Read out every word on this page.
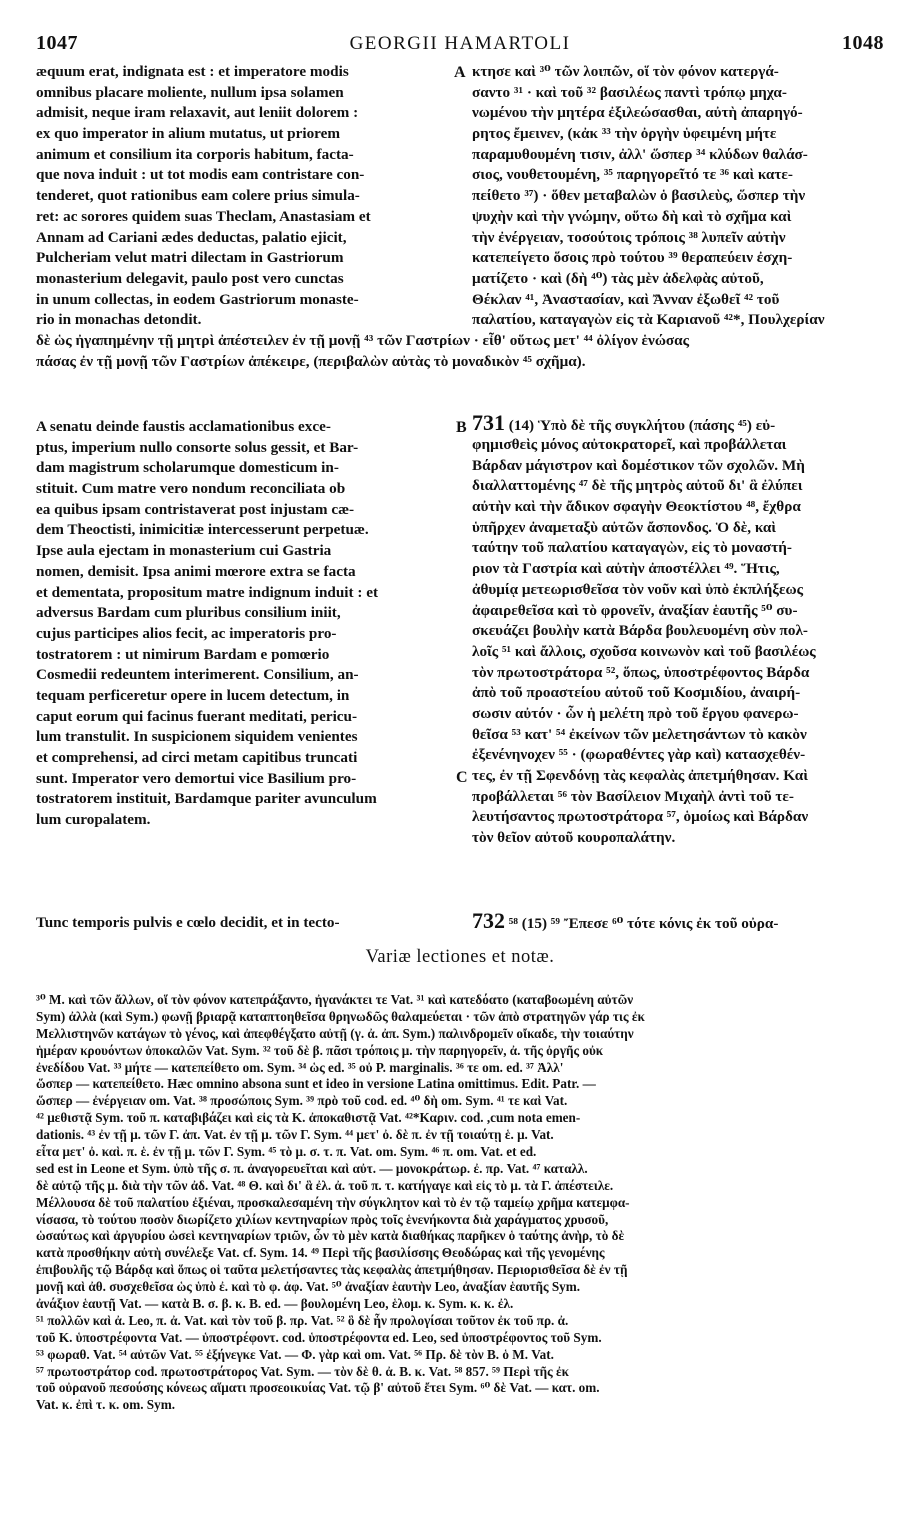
1047	GEORGII HAMARTOLI	1048
æquum erat, indignata est : et imperatore modis
omnibus placare moliente, nullum ipsa solamen
admisit, neque iram relaxavit, aut leniit dolorem :
ex quo imperator in alium mutatus, ut priorem
animum et consilium ita corporis habitum, facta-
que nova induit : ut tot modis eam contristare con-
tenderet, quot rationibus eam colere prius simula-
ret: ac sorores quidem suas Theclam, Anastasiam et
Annam ad Cariani ædes deductas, palatio ejicit,
Pulcheriam velut matri dilectam in Gastriorum
monasterium delegavit, paulo post vero cunctas
in unum collectas, in eodem Gastriorum monaste-
rio in monachas detondit.
κτησε καὶ ³⁰ τῶν λοιπῶν, οἵ τὸν φόνον κατεργά-
σαντο ³¹ · καὶ τοῦ ³² βασιλέως παντὶ τρόπῳ μηχα-
νωμένου τὴν μητέρα ἐξιλεώσασθαι, αὐτὴ ἀπαρηγό-
ρητος ἔμεινεν, (κἀκ ³³ τὴν ὀργὴν ὑφειμένη μήτε
παραμυθουμένη τισιν, ἀλλ' ὥσπερ ³⁴ κλύδων θαλάσ-
σιος, νουθετουμένη, ³⁵ παρηγορεῖτό τε ³⁶ καὶ κατε-
πείθετο ³⁷) · ὅθεν μεταβαλὼν ὁ βασιλεὺς, ὥσπερ τὴν
ψυχὴν καὶ τὴν γνώμην, οὕτω δὴ καὶ τὸ σχῆμα καὶ
τὴν ἐνέργειαν, τοσούτοις τρόποις ³⁸ λυπεῖν αὐτὴν
κατεπείγετο ὅσοις πρὸ τούτου ³⁹ θεραπεύειν ἐσχη-
ματίζετο · καὶ (δὴ ⁴⁰) τὰς μὲν ἀδελφὰς αὐτοῦ,
Θέκλαν ⁴¹, Ἀναστασίαν, καὶ Ἄνναν ἐξωθεῖ ⁴² τοῦ
παλατίου, καταγαγὼν εἰς τὰ Καριανοῦ ⁴²*, Πουλχερίαν
A
δὲ ὡς ἠγαπημένην τῇ μητρὶ ἀπέστειλεν ἐν τῇ μονῇ ⁴³ τῶν Γαστρίων · εἶθ' οὕτως μετ' ⁴⁴ ὀλίγον ἑνώσας
πάσας ἐν τῇ μονῇ τῶν Γαστρίων ἀπέκειρε, (περιβαλὼν αὐτὰς τὸ μοναδικὸν ⁴⁵ σχῆμα).
A senatu deinde faustis acclamationibus exce-
ptus, imperium nullo consorte solus gessit, et Bar-
dam magistrum scholarumque domesticum in-
stituit. Cum matre vero nondum reconciliata ob
ea quibus ipsam contristaverat post injustam cæ-
dem Theoctisti, inimicitiæ intercesserunt perpetuæ.
Ipse aula ejectam in monasterium cui Gastria
nomen, demisit. Ipsa animi mœrore extra se facta
et dementata, propositum matre indignum induit : et
adversus Bardam cum pluribus consilium iniit,
cujus participes alios fecit, ac imperatoris pro-
tostratorem : ut nimirum Bardam e pomœrio
Cosmedii redeuntem interimerent. Consilium, an-
tequam perficeretur opere in lucem detectum, in
caput eorum qui facinus fuerant meditati, pericu-
lum transtulit. In suspicionem siquidem venientes
et comprehensi, ad circi metam capitibus truncati
sunt. Imperator vero demortui vice Basilium pro-
tostratorem instituit, Bardamque pariter avunculum
lum curopalatem.
B
C
731 (14) Ὑπὸ δὲ τῆς συγκλήτου (πάσης ⁴⁵) εὐ-
φημισθεὶς μόνος αὐτοκρατορεῖ, καὶ προβάλλεται
Βάρδαν μάγιστρον καὶ δομέστικον τῶν σχολῶν. Μὴ
διαλλαττομένης ⁴⁷ δὲ τῆς μητρὸς αὐτοῦ δι' ἃ ἐλύπει
αὐτὴν καὶ τὴν ἄδικον σφαγὴν Θεοκτίστου ⁴⁸, ἔχθρα
ὑπῆρχεν ἀναμεταξὺ αὐτῶν ἄσπονδος. Ὁ δὲ, καὶ
ταύτην τοῦ παλατίου καταγαγὼν, εἰς τὸ μοναστή-
ριον τὰ Γαστρία καὶ αὐτὴν ἀποστέλλει ⁴⁹. Ἥτις,
ἀθυμίᾳ μετεωρισθεῖσα τὸν νοῦν καὶ ὑπὸ ἐκπλήξεως
ἀφαιρεθεῖσα καὶ τὸ φρονεῖν, ἀναξίαν ἑαυτῆς ⁵⁰ συ-
σκευάζει βουλὴν κατὰ Βάρδα βουλευομένη σὺν πολ-
λοῖς ⁵¹ καὶ ἄλλοις, σχοῦσα κοινωνὸν καὶ τοῦ βασιλέως
τὸν πρωτοστράτορα ⁵², ὅπως, ὑποστρέφοντος Βάρδα
ἀπὸ τοῦ προαστείου αὐτοῦ τοῦ Κοσμιδίου, ἀναιρή-
σωσιν αὐτόν · ὧν ἡ μελέτη πρὸ τοῦ ἔργου φανερω-
θεῖσα ⁵³ κατ' ⁵⁴ ἐκείνων τῶν μελετησάντων τὸ κακὸν
ἐξενένηνοχεν ⁵⁵ · (φωραθέντες γὰρ καὶ) κατασχεθέν-
τες, ἐν τῇ Σφενδόνῃ τὰς κεφαλὰς ἀπετμήθησαν. Καὶ
προβάλλεται ⁵⁶ τὸν Βασίλειον Μιχαὴλ ἀντὶ τοῦ τε-
λευτήσαντος πρωτοστράτορα ⁵⁷, ὁμοίως καὶ Βάρδαν
τὸν θεῖον αὐτοῦ κουροπαλάτην.
Tunc temporis pulvis e cœlo decidit, et in tecto-	732 ⁵⁸ (15) ⁵⁹ Ἔπεσε ⁶⁰ τότε κόνις ἐκ τοῦ οὐρα-
Variæ lectiones et notæ.
³⁰ M. καὶ τῶν ἄλλων, οἵ τὸν φόνον κατεπράξαντο, ἠγανάκτει τε Vat. ³¹ καὶ κατεδόατο (καταβοωμένη αὐτῶν
Sym) ἀλλὰ (καὶ Sym.) φωνῇ βριαρᾷ καταπτοηθεῖσα θρηνωδῶς θαλαμεύεται · τῶν ἀπὸ στρατηγῶν γάρ τις ἐκ
Μελλιστηνῶν κατάγων τὸ γένος, καὶ ἀπεφθέγξατο αὐτῇ (γ. ἀ. ἀπ. Sym.) παλινδρομεῖν οἴκαδε, τὴν τοιαύτην
ἡμέραν κρουόντων ὀποκαλῶν Vat. Sym. ³² τοῦ δὲ β. πᾶσι τρόποις μ. τὴν παρηγορεῖν, ἀ. τῆς ὀργῆς οὐκ
ἐνεδίδου Vat. ³³ μήτε — κατεπείθετο om. Sym. ³⁴ ὡς ed. ³⁵ οὐ P. marginalis. ³⁶ τε om. ed. ³⁷ Ἀλλ'
ὥσπερ — κατεπείθετο. Hæc omnino absona sunt et ideo in versione Latina omittimus. Edit. Patr. —
ὥσπερ — ἐνέργειαν om. Vat. ³⁸ προσώποις Sym. ³⁹ πρὸ τοῦ cod. ed. ⁴⁰ δὴ om. Sym. ⁴¹ τε καὶ Vat.
⁴² μεθιστᾷ Sym. τοῦ π. καταβιβάζει καὶ εἰς τὰ Κ. ἀποκαθιστᾷ Vat. ⁴²*Καριν. cod. ,cum nota emen-
dationis. ⁴³ ἐν τῇ μ. τῶν Γ. ἀπ. Vat. ἐν τῇ μ. τῶν Γ. Sym. ⁴⁴ μετ' ὀ. δὲ π. ἐν τῇ τοιαύτῃ ἑ. μ. Vat.
εἶτα μετ' ὀ. καὶ. π. ἑ. ἐν τῇ μ. τῶν Γ. Sym. ⁴⁵ τὸ μ. σ. τ. π. Vat. om. Sym. ⁴⁶ π. om. Vat. et ed.
sed est in Leone et Sym. ὑπὸ τῆς σ. π. ἀναγορευεῖται καὶ αὐτ. — μονοκράτωρ. ἐ. πρ. Vat. ⁴⁷ καταλλ.
δὲ αὐτῷ τῆς μ. διὰ τὴν τῶν ἀδ. Vat. ⁴⁸ Θ. καὶ δι' ἃ ἐλ. ἀ. τοῦ π. τ. κατήγαγε καὶ εἰς τὸ μ. τὰ Γ. ἀπέστειλε.
Μέλλουσα δὲ τοῦ παλατίου ἐξιέναι, προσκαλεσαμένη τὴν σύγκλητον καὶ τὸ ἐν τῷ ταμείῳ χρῆμα κατεμφα-
νίσασα, τὸ τούτου ποσὸν διωρίζετο χιλίων κεντηναρίων πρὸς τοῖς ἑνενήκοντα διὰ χαράγματος χρυσοῦ,
ὡσαύτως καὶ ἀργυρίου ὡσεὶ κεντηναρίων τριῶν, ὧν τὸ μὲν κατὰ διαθήκας παρῆκεν ὁ ταύτης ἀνὴρ, τὸ δὲ
κατὰ προσθήκην αὐτὴ συνέλεξε Vat. cf. Sym. 14. ⁴⁹ Περὶ τῆς βασιλίσσης Θεοδώρας καὶ τῆς γενομένης
ἐπιβουλῆς τῷ Βάρδᾳ καὶ ὅπως οἱ ταῦτα μελετήσαντες τὰς κεφαλὰς ἀπετμήθησαν. Περιορισθεῖσα δὲ ἐν τῇ
μονῇ καὶ ἀθ. συσχεθεῖσα ὡς ὑπὸ ἐ. καὶ τὸ φ. ἀφ. Vat. ⁵⁰ ἀναξίαν ἑαυτὴν Leo, ἀναξίαν ἑαυτῆς Sym.
ἀνάξιον ἑαυτῇ Vat. — κατὰ Β. σ. β. κ. Β. ed. — βουλομένη Leo, ἑλομ. κ. Sym. κ. κ. ἐλ.
⁵¹ πολλῶν καὶ ἀ. Leo, π. ἀ. Vat. καὶ τὸν τοῦ β. πρ. Vat. ⁵² ὃ δὲ ἦν προλογίσαι τοῦτον ἐκ τοῦ πρ. ἀ.
τοῦ Κ. ὑποστρέφοντα Vat. — ὑποστρέφοντ. cod. ὑποστρέφοντα ed. Leo, sed ὑποστρέφοντος τοῦ Sym.
⁵³ φωραθ. Vat. ⁵⁴ αὐτῶν Vat. ⁵⁵ ἐξήνεγκε Vat. — Φ. γὰρ καὶ om. Vat. ⁵⁶ Πρ. δὲ τὸν Β. ὁ Μ. Vat.
⁵⁷ πρωτοστράτορ cod. πρωτοστράτορος Vat. Sym. — τὸν δὲ θ. ἀ. Β. κ. Vat. ⁵⁸ 857. ⁵⁹ Περὶ τῆς ἐκ
τοῦ οὐρανοῦ πεσούσης κόνεως αἵματι προσεοικυίας Vat. τῷ β' αὐτοῦ ἔτει Sym. ⁶⁰ δὲ Vat. — κατ. om.
Vat. κ. ἐπὶ τ. κ. om. Sym.
